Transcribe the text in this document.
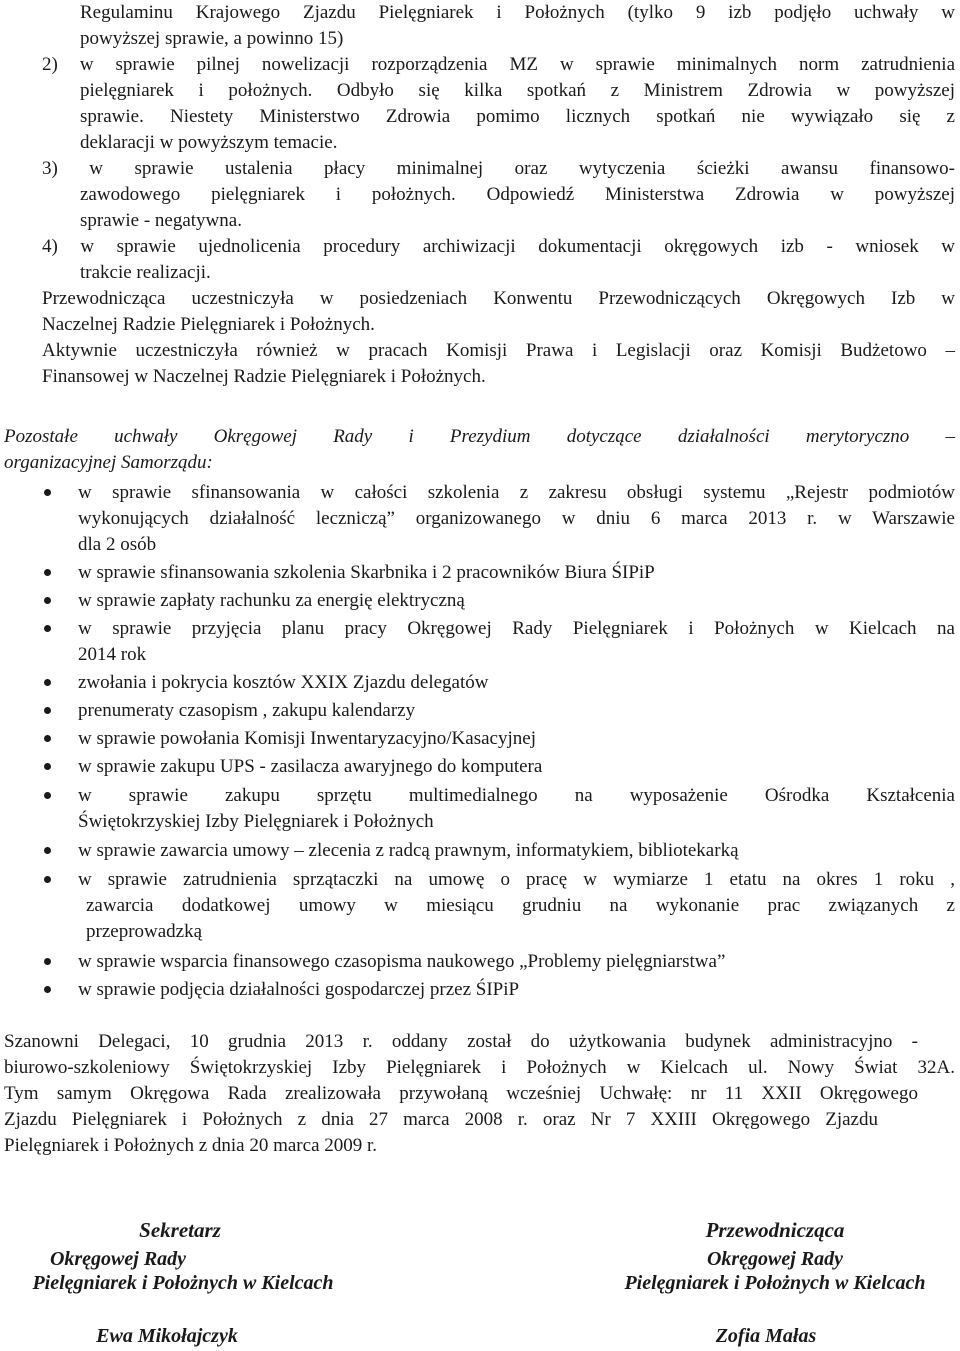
Regulaminu Krajowego Zjazdu Pielęgniarek i Położnych (tylko 9 izb podjęło uchwały w
powyższej sprawie, a powinno 15)
2) w sprawie pilnej nowelizacji rozporządzenia MZ w sprawie minimalnych norm zatrudnienia
pielęgniarek i położnych. Odbyło się kilka spotkań z Ministrem Zdrowia w powyższej
sprawie. Niestety Ministerstwo Zdrowia pomimo licznych spotkań nie wywiązało się z
deklaracji w powyższym temacie.
3) w sprawie ustalenia płacy minimalnej oraz wytyczenia ścieżki awansu finansowo-
zawodowego pielęgniarek i położnych. Odpowiedź Ministerstwa Zdrowia w powyższej
sprawie - negatywna.
4) w sprawie ujednolicenia procedury archiwizacji dokumentacji okręgowych izb - wniosek w
trakcie realizacji.
Przewodnicząca uczestniczyła w posiedzeniach Konwentu Przewodniczących Okręgowych Izb w
Naczelnej Radzie Pielęgniarek i Położnych.
Aktywnie uczestniczyła również w pracach Komisji Prawa i Legislacji oraz Komisji Budżetowo –
Finansowej w Naczelnej Radzie Pielęgniarek i Położnych.
Pozostałe uchwały Okręgowej Rady i Prezydium dotyczące działalności merytoryczno –
organizacyjnej Samorządu:
w sprawie sfinansowania w całości szkolenia z zakresu obsługi systemu „Rejestr podmiotów
wykonujących działalność leczniczą” organizowanego w dniu 6 marca 2013 r. w Warszawie
dla 2 osób
w sprawie sfinansowania szkolenia Skarbnika i 2 pracowników Biura ŚIPiP
w sprawie zapłaty rachunku za energię elektryczną
w sprawie przyjęcia planu pracy Okręgowej Rady Pielęgniarek i Położnych w Kielcach na
2014 rok
zwołania i pokrycia kosztów XXIX Zjazdu delegatów
prenumeraty czasopism , zakupu kalendarzy
w sprawie powołania Komisji Inwentaryzacyjno/Kasacyjnej
w sprawie zakupu UPS - zasilacza awaryjnego do komputera
w sprawie zakupu sprzętu multimedialnego na wyposażenie Ośrodka Kształcenia
Świętokrzyskiej Izby Pielęgniarek i Położnych
w sprawie zawarcia umowy – zlecenia z radcą prawnym, informatykiem, bibliotekarką
w sprawie zatrudnienia sprzątaczki na umowę o pracę w wymiarze 1 etatu na okres 1 roku ,
zawarcia dodatkowej umowy w miesiącu grudniu na wykonanie prac związanych z
przeprowadzką
w sprawie wsparcia finansowego czasopisma naukowego „Problemy pielęgniarstwa”
w sprawie podjęcia działalności gospodarczej przez ŚIPiP
Szanowni Delegaci, 10 grudnia 2013 r. oddany został do użytkowania budynek administracyjno -
biurowo-szkoleniowy Świętokrzyskiej Izby Pielęgniarek i Położnych w Kielcach ul. Nowy Świat 32A.
Tym samym Okręgowa Rada zrealizowała przywołaną wcześniej Uchwałę: nr 11 XXII Okręgowego
Zjazdu Pielęgniarek i Położnych z dnia 27 marca 2008 r. oraz Nr 7 XXIII Okręgowego Zjazdu
Pielęgniarek i Położnych z dnia 20 marca 2009 r.
Sekretarz
Okręgowej Rady
Pielęgniarek i Położnych w Kielcach
Ewa Mikołajczyk
Przewodnicząca
Okręgowej Rady
Pielęgniarek i Położnych w Kielcach
Zofia Małas
